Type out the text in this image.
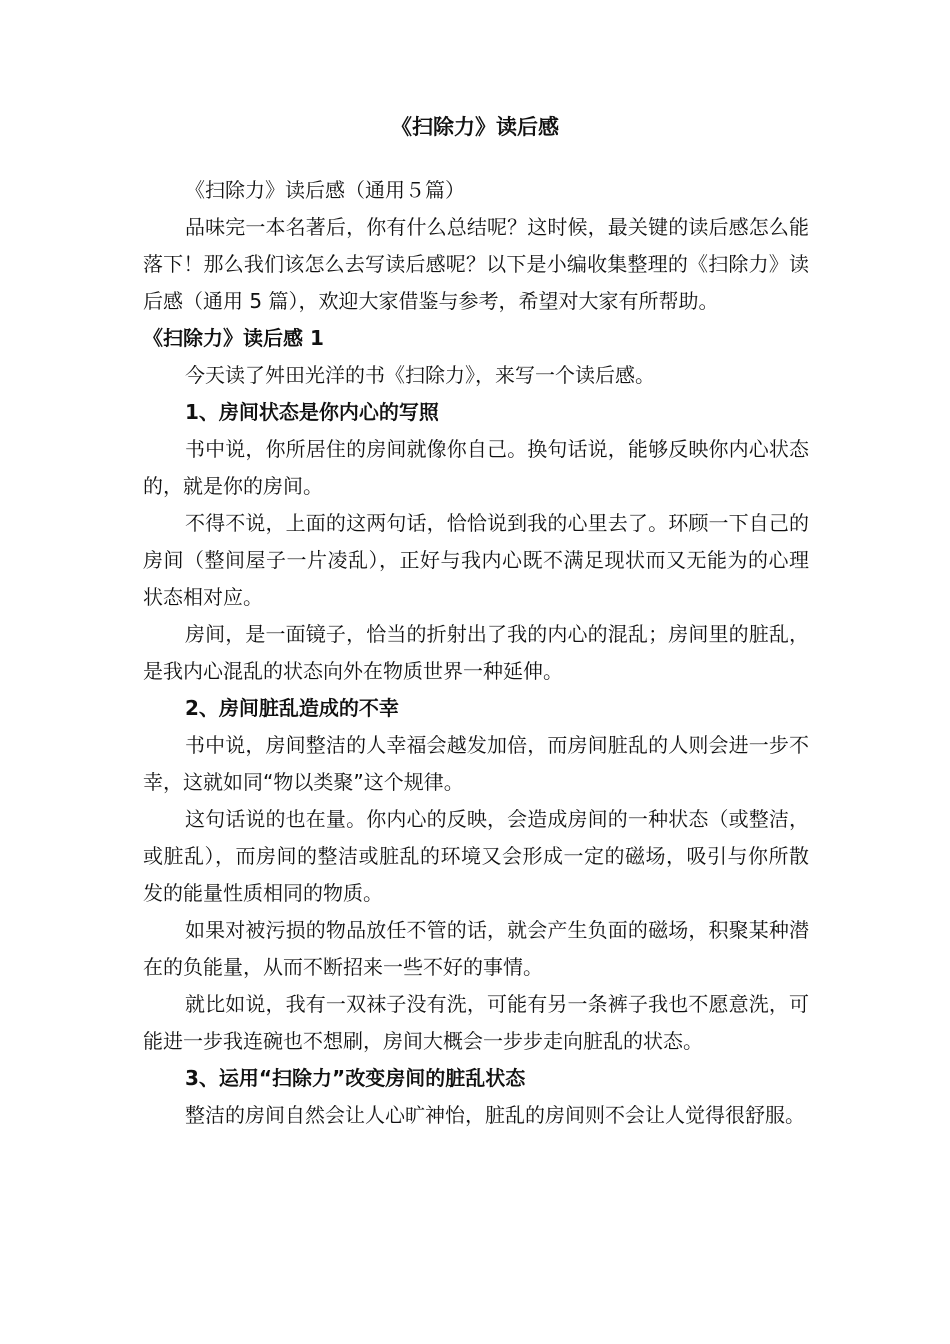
《扫除力》读后感

《扫除力》读后感（通用５篇）

品味完一本名著后，你有什么总结呢？这时候，最关键的读后感怎么能落下！那么我们该怎么去写读后感呢？以下是小编收集整理的《扫除力》读后感（通用 5 篇），欢迎大家借鉴与参考，希望对大家有所帮助。

《扫除力》读后感 1

今天读了舛田光洋的书《扫除力》，来写一个读后感。

1、房间状态是你内心的写照

书中说，你所居住的房间就像你自己。换句话说，能够反映你内心状态的，就是你的房间。

不得不说，上面的这两句话，恰恰说到我的心里去了。环顾一下自己的房间（整间屋子一片凌乱），正好与我内心既不满足现状而又无能为的心理状态相对应。

房间，是一面镜子，恰当的折射出了我的内心的混乱；房间里的脏乱，是我内心混乱的状态向外在物质世界一种延伸。

2、房间脏乱造成的不幸

书中说，房间整洁的人幸福会越发加倍，而房间脏乱的人则会进一步不幸，这就如同“物以类聚”这个规律。

这句话说的也在量。你内心的反映，会造成房间的一种状态（或整洁，或脏乱），而房间的整洁或脏乱的环境又会形成一定的磁场，吸引与你所散发的能量性质相同的物质。

如果对被污损的物品放任不管的话，就会产生负面的磁场，积聚某种潜在的负能量，从而不断招来一些不好的事情。

就比如说，我有一双袜子没有洗，可能有另一条裤子我也不愿意洗，可能进一步我连碗也不想刷，房间大概会一步步走向脏乱的状态。

3、运用“扫除力”改变房间的脏乱状态

整洁的房间自然会让人心旷神怡，脏乱的房间则不会让人觉得很舒服。
